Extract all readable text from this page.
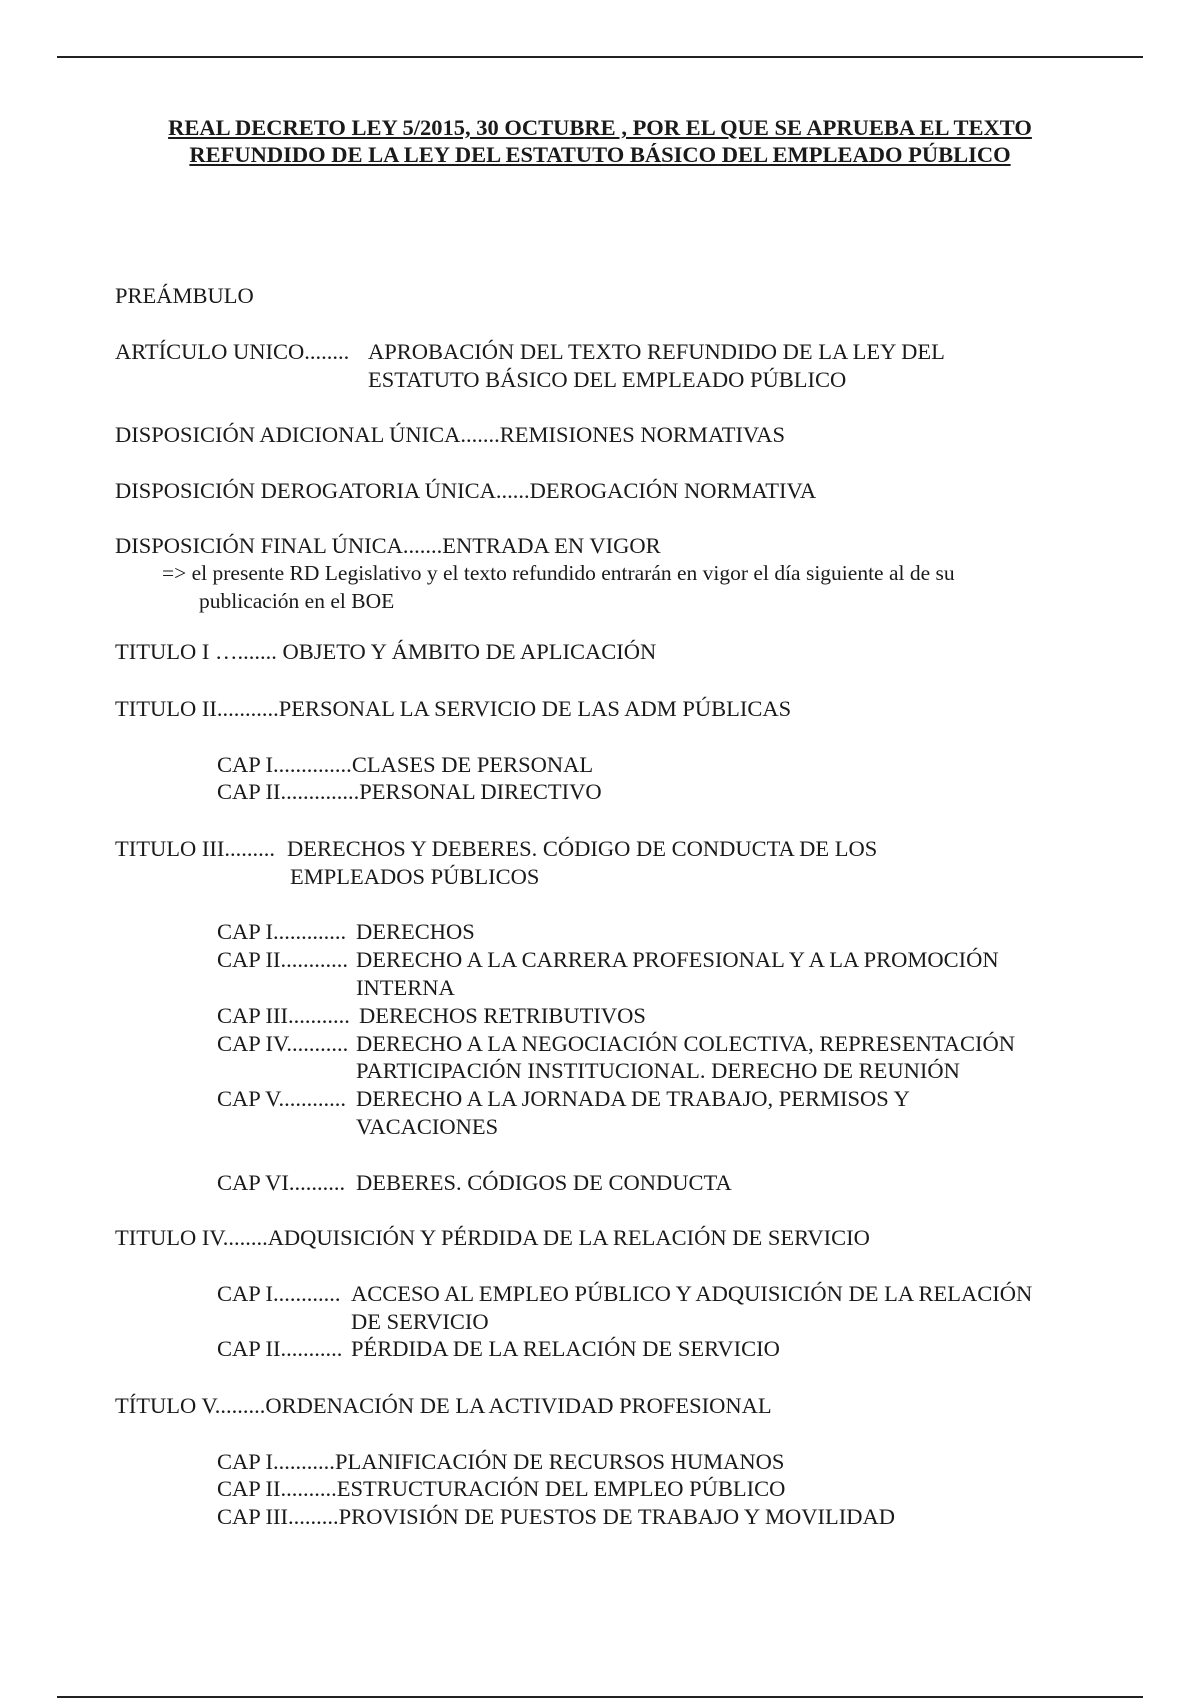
REAL DECRETO LEY 5/2015, 30 OCTUBRE , POR EL QUE SE APRUEBA EL TEXTO
REFUNDIDO DE LA LEY DEL ESTATUTO BÁSICO DEL EMPLEADO PÚBLICO
PREÁMBULO
ARTÍCULO UNICO........ APROBACIÓN DEL TEXTO REFUNDIDO DE LA LEY DEL
ESTATUTO BÁSICO DEL EMPLEADO PÚBLICO
DISPOSICIÓN ADICIONAL ÚNICA.......REMISIONES NORMATIVAS
DISPOSICIÓN DEROGATORIA ÚNICA......DEROGACIÓN NORMATIVA
DISPOSICIÓN FINAL ÚNICA.......ENTRADA EN VIGOR
=> el presente RD Legislativo y el texto refundido entrarán en vigor el día siguiente al de su
publicación en el BOE
TITULO I …....... OBJETO Y ÁMBITO DE APLICACIÓN
TITULO II...........PERSONAL LA SERVICIO DE LAS ADM PÚBLICAS
CAP I..............CLASES DE PERSONAL
CAP II..............PERSONAL DIRECTIVO
TITULO III......... DERECHOS Y DEBERES. CÓDIGO DE CONDUCTA DE LOS
EMPLEADOS PÚBLICOS
CAP I............. DERECHOS
CAP II............ DERECHO A LA CARRERA PROFESIONAL Y A LA PROMOCIÓN
INTERNA
CAP III........... DERECHOS RETRIBUTIVOS
CAP IV........... DERECHO A LA NEGOCIACIÓN COLECTIVA, REPRESENTACIÓN
PARTICIPACIÓN INSTITUCIONAL. DERECHO DE REUNIÓN
CAP V............ DERECHO A LA JORNADA DE TRABAJO, PERMISOS Y
VACACIONES
CAP VI.......... DEBERES. CÓDIGOS DE CONDUCTA
TITULO IV........ADQUISICIÓN Y PÉRDIDA DE LA RELACIÓN DE SERVICIO
CAP I............ ACCESO AL EMPLEO PÚBLICO Y ADQUISICIÓN DE LA RELACIÓN
DE SERVICIO
CAP II........... PÉRDIDA DE LA RELACIÓN DE SERVICIO
TÍTULO V.........ORDENACIÓN DE LA ACTIVIDAD PROFESIONAL
CAP I...........PLANIFICACIÓN DE RECURSOS HUMANOS
CAP II..........ESTRUCTURACIÓN DEL EMPLEO PÚBLICO
CAP III.........PROVISIÓN DE PUESTOS DE TRABAJO Y MOVILIDAD
